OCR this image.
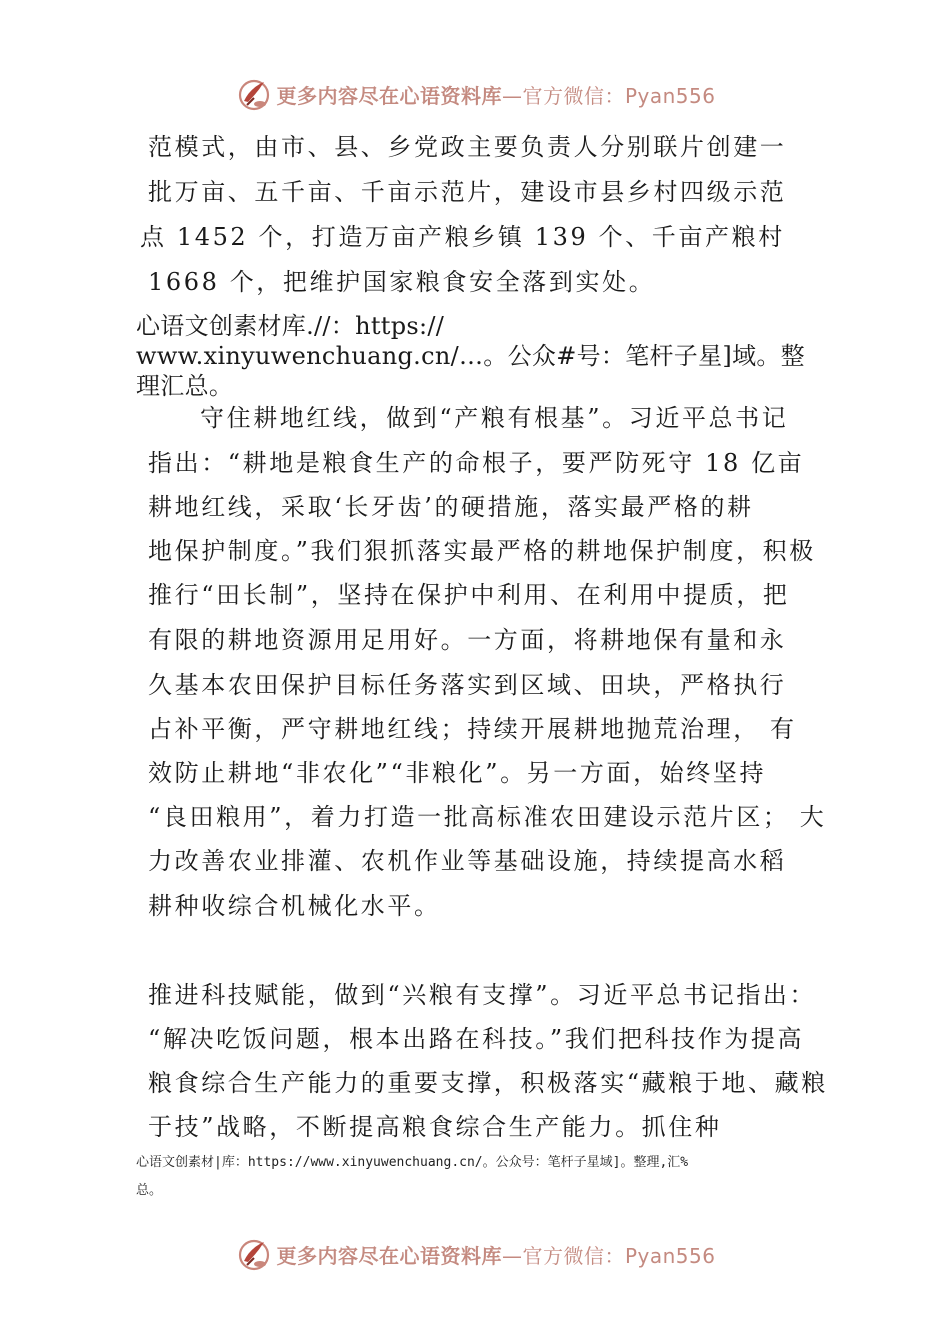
更多内容尽在心语资料库—官方微信：Pyan556
范模式，由市、县、乡党政主要负责人分别联片创建一
批万亩、五千亩、千亩示范片，建设市县乡村四级示范
点 1452 个，打造万亩产粮乡镇 139 个、千亩产粮村
1668 个，把维护国家粮食安全落到实处。
心语文创素材库.//：https://
www.xinyuwenchuang.cn/…。公众#号：笔杆子星]域。整
理汇总。
守住耕地红线，做到“产粮有根基”。习近平总书记
指出：“耕地是粮食生产的命根子，要严防死守 18 亿亩
耕地红线，采取‘长牙齿’的硬措施，落实最严格的耕
地保护制度。”我们狠抓落实最严格的耕地保护制度，积极
推行“田长制”，坚持在保护中利用、在利用中提质，把
有限的耕地资源用足用好。一方面，将耕地保有量和永
久基本农田保护目标任务落实到区域、田块，严格执行
占补平衡，严守耕地红线；持续开展耕地抛荒治理， 有
效防止耕地“非农化”“非粮化”。另一方面，始终坚持
“良田粮用”，着力打造一批高标准农田建设示范片区； 大
力改善农业排灌、农机作业等基础设施，持续提高水稻
耕种收综合机械化水平。
推进科技赋能，做到“兴粮有支撑”。习近平总书记指出：
“解决吃饭问题，根本出路在科技。”我们把科技作为提高
粮食综合生产能力的重要支撑，积极落实“藏粮于地、藏粮
于技”战略，不断提高粮食综合生产能力。抓住种
心语文创素材|库：https://www.xinyuwenchuang.cn/。公众号：笔杆子星域]。整理,汇%
总。
更多内容尽在心语资料库—官方微信：Pyan556
